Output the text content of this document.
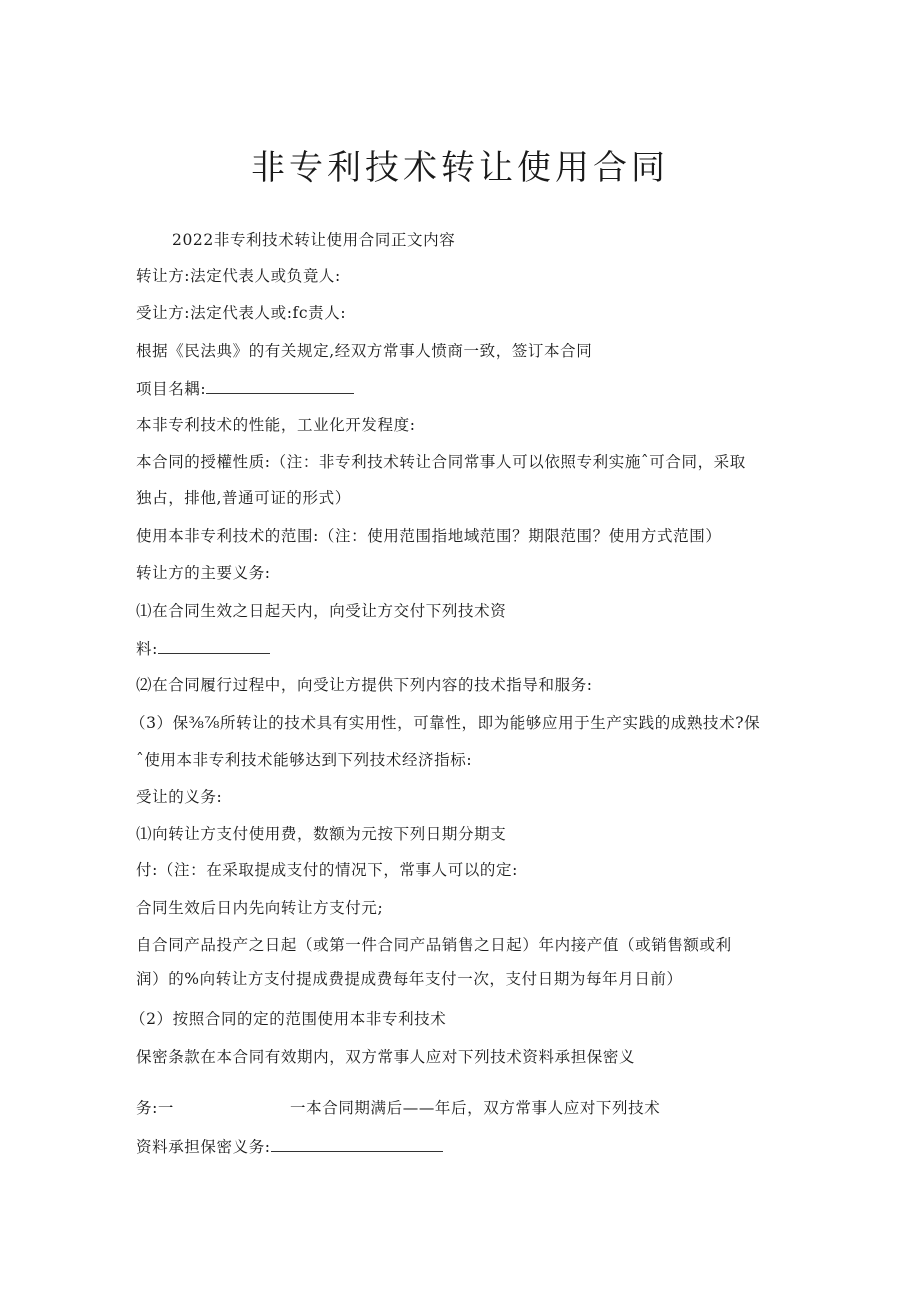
非专利技术转让使用合同
2022非专利技术转让使用合同正文内容
转让方:法定代表人或负竟人:
受让方:法定代表人或:fc责人:
根据《民法典》的有关规定,经双方常事人愤商一致，签订本合同
项目名耦:
本非专利技术的性能，工业化开发程度:
本合同的授權性质:（注：非专利技术转让合同常事人可以依照专利实施ˆ可合同，采取
独占，排他,普通可证的形式）
使用本非专利技术的范围:（注：使用范围指地域范围？期限范围？使用方式范围）
转让方的主要义务:
⑴在合同生效之日起天内，向受让方交付下列技术资
料:
⑵在合同履行过程中，向受让方提供下列内容的技术指导和服务:
（3）保⅜⅞所转让的技术具有实用性，可靠性，即为能够应用于生产实践的成熟技术?保
ˆ使用本非专利技术能够达到下列技术经济指标:
受让的义务:
⑴向转让方支付使用费，数额为元按下列日期分期支
付:（注：在采取提成支付的情况下，常事人可以的定:
合同生效后日内先向转让方支付元;
自合同产品投产之日起（或第一件合同产品销售之日起）年内接产值（或销售额或利
润）的%向转让方支付提成费提成费每年支付一次，支付日期为每年月日前）
（2）按照合同的定的范围使用本非专利技术
保密条款在本合同有效期内，双方常事人应对下列技术资料承担保密义
务:一	一本合同期满后——年后，双方常事人应对下列技术
资料承担保密义务:
